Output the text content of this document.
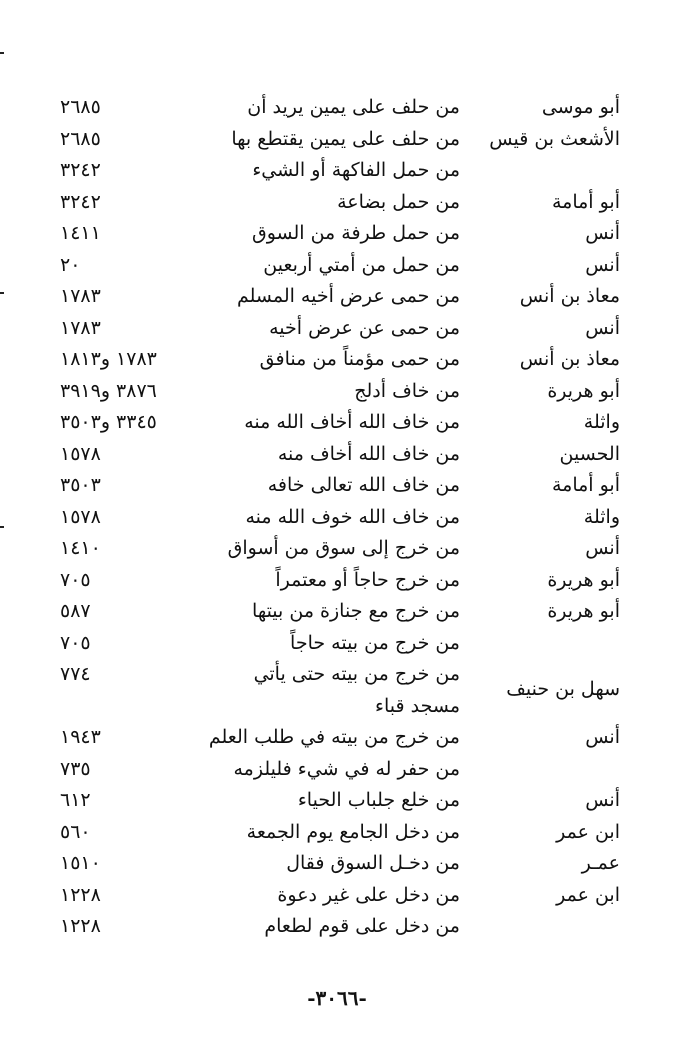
أبو موسى
من حلف على يمين يريد أن
٢٦٨٥
الأشعث بن قيس
من حلف على يمين يقتطع بها
٢٦٨٥
من حمل الفاكهة أو الشيء
٣٢٤٢
أبو أمامة
من حمل بضاعة
٣٢٤٢
أنس
من حمل طرفة من السوق
١٤١١
أنس
من حمل من أمتي أربعين
٢٠
معاذ بن أنس
من حمى عرض أخيه المسلم
١٧٨٣
أنس
من حمى عن عرض أخيه
١٧٨٣
معاذ بن أنس
من حمى مؤمناً من منافق
١٧٨٣ و١٨١٣
أبو هريرة
من خاف أدلج
٣٨٧٦ و٣٩١٩
واثلة
من خاف الله أخاف الله منه
٣٣٤٥ و٣٥٠٣
الحسين
من خاف الله أخاف منه
١٥٧٨
أبو أمامة
من خاف الله تعالى خافه
٣٥٠٣
واثلة
من خاف الله خوف الله منه
١٥٧٨
أنس
من خرج إلى سوق من أسواق
١٤١٠
أبو هريرة
من خرج حاجاً أو معتمراً
٧٠٥
أبو هريرة
من خرج مع جنازة من بيتها
٥٨٧
من خرج من بيته حاجاً
٧٠٥
سهل بن حنيف
من خرج من بيته حتى يأتي مسجد قباء
٧٧٤
أنس
من خرج من بيته في طلب العلم
١٩٤٣
من حفر له في شيء فليلزمه
٧٣٥
أنس
من خلع جلباب الحياء
٦١٢
ابن عمر
من دخل الجامع يوم الجمعة
٥٦٠
عمـر
من دخـل السوق فقال
١٥١٠
ابن عمر
من دخل على غير دعوة
١٢٢٨
من دخل على قوم لطعام
١٢٢٨
-٣٠٦٦-
